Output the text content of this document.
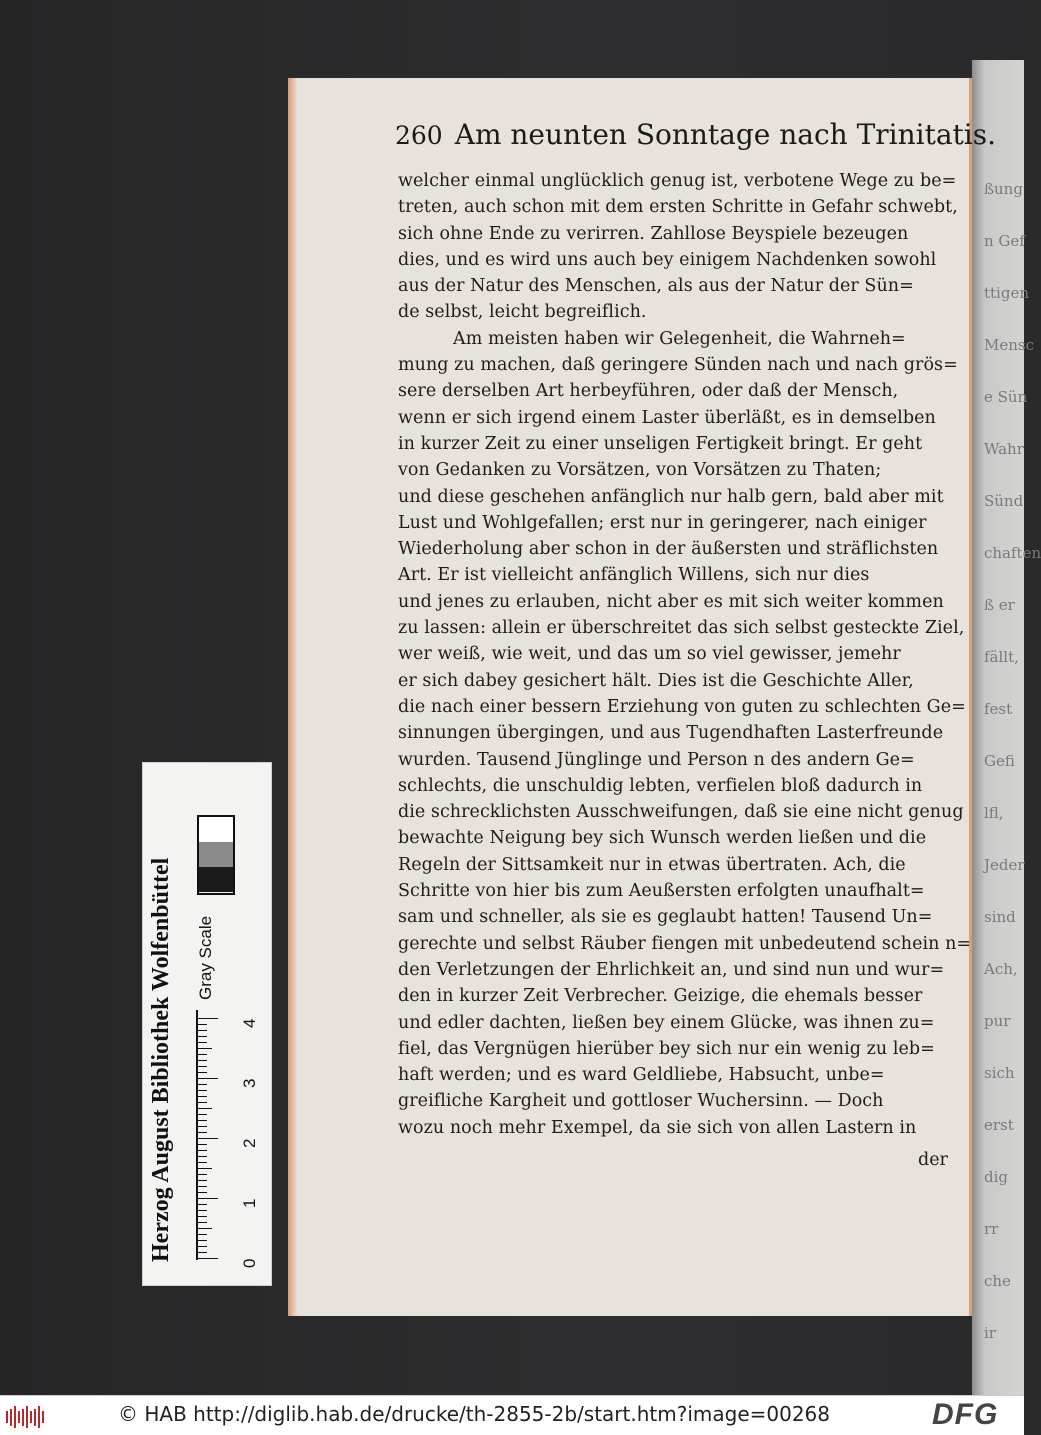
ßung
n Gef
ttigen
Mensc
e Sün
Wahr
Sünd
chaften
ß er
fällt,
fest
Gefi
lfl,
Jeder
sind
Ach,
pur
sich
erst
dig
rr
che
ir
260 Am neunten Sonntage nach Trinitatis.
welcher einmal unglücklich genug ist, verbotene Wege zu be=
treten, auch schon mit dem ersten Schritte in Gefahr schwebt,
sich ohne Ende zu verirren. Zahllose Beyspiele bezeugen
dies, und es wird uns auch bey einigem Nachdenken sowohl
aus der Natur des Menschen, als aus der Natur der Sün=
de selbst, leicht begreiflich.
Am meisten haben wir Gelegenheit, die Wahrneh=
mung zu machen, daß geringere Sünden nach und nach grös=
sere derselben Art herbeyführen, oder daß der Mensch,
wenn er sich irgend einem Laster überläßt, es in demselben
in kurzer Zeit zu einer unseligen Fertigkeit bringt. Er geht
von Gedanken zu Vorsätzen, von Vorsätzen zu Thaten;
und diese geschehen anfänglich nur halb gern, bald aber mit
Lust und Wohlgefallen; erst nur in geringerer, nach einiger
Wiederholung aber schon in der äußersten und sträflichsten
Art. Er ist vielleicht anfänglich Willens, sich nur dies
und jenes zu erlauben, nicht aber es mit sich weiter kommen
zu lassen: allein er überschreitet das sich selbst gesteckte Ziel,
wer weiß, wie weit, und das um so viel gewisser, jemehr
er sich dabey gesichert hält. Dies ist die Geschichte Aller,
die nach einer bessern Erziehung von guten zu schlechten Ge=
sinnungen übergingen, und aus Tugendhaften Lasterfreunde
wurden. Tausend Jünglinge und Person n des andern Ge=
schlechts, die unschuldig lebten, verfielen bloß dadurch in
die schrecklichsten Ausschweifungen, daß sie eine nicht genug
bewachte Neigung bey sich Wunsch werden ließen und die
Regeln der Sittsamkeit nur in etwas übertraten. Ach, die
Schritte von hier bis zum Aeußersten erfolgten unaufhalt=
sam und schneller, als sie es geglaubt hatten! Tausend Un=
gerechte und selbst Räuber fiengen mit unbedeutend schein n=
den Verletzungen der Ehrlichkeit an, und sind nun und wur=
den in kurzer Zeit Verbrecher. Geizige, die ehemals besser
und edler dachten, ließen bey einem Glücke, was ihnen zu=
fiel, das Vergnügen hierüber bey sich nur ein wenig zu leb=
haft werden; und es ward Geldliebe, Habsucht, unbe=
greifliche Kargheit und gottloser Wuchersinn. — Doch
wozu noch mehr Exempel, da sie sich von allen Lastern in
der
Herzog August Bibliothek Wolfenbüttel Gray Scale
0
1
2
3
4
© HAB http://diglib.hab.de/drucke/th-2855-2b/start.htm?image=00268	DFG
